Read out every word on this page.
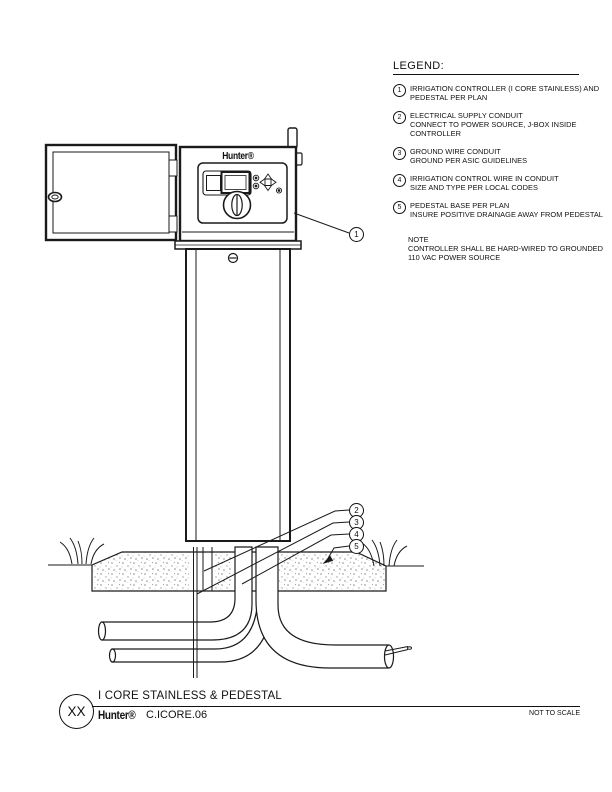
Hunter®
1
2
3
4
5
LEGEND:
1	IRRIGATION CONTROLLER (I CORE STAINLESS) AND
PEDESTAL PER PLAN
2	ELECTRICAL SUPPLY CONDUIT
CONNECT TO POWER SOURCE, J-BOX INSIDE
CONTROLLER
3	GROUND WIRE CONDUIT
GROUND PER ASIC GUIDELINES
4	IRRIGATION CONTROL WIRE IN CONDUIT
SIZE AND TYPE PER LOCAL CODES
5	PEDESTAL BASE PER PLAN
INSURE POSITIVE DRAINAGE AWAY FROM PEDESTAL
NOTE
CONTROLLER SHALL BE HARD-WIRED TO GROUNDED
110 VAC POWER SOURCE
XX
I CORE STAINLESS & PEDESTAL
Hunter® C.ICORE.06	NOT TO SCALE
